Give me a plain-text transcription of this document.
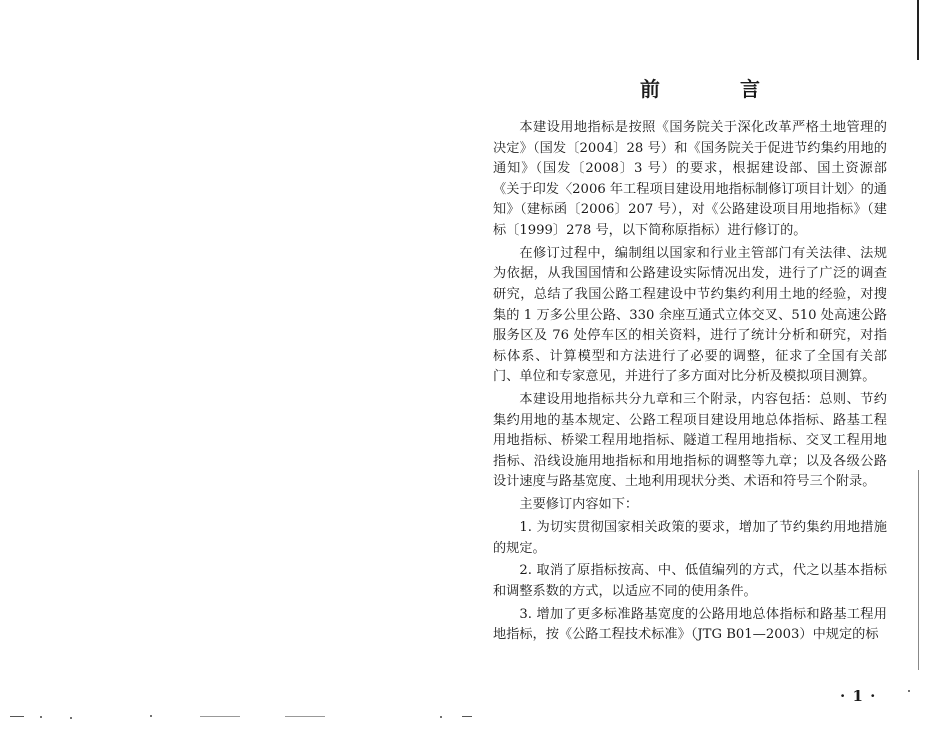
前	言

本建设用地指标是按照《国务院关于深化改革严格土地管理的决定》（国发〔2004〕28 号）和《国务院关于促进节约集约用地的通知》（国发〔2008〕3 号）的要求，根据建设部、国土资源部《关于印发〈2006 年工程项目建设用地指标制修订项目计划〉的通知》（建标函〔2006〕207 号），对《公路建设项目用地指标》（建标〔1999〕278 号，以下简称原指标）进行修订的。

在修订过程中，编制组以国家和行业主管部门有关法律、法规为依据，从我国国情和公路建设实际情况出发，进行了广泛的调查研究，总结了我国公路工程建设中节约集约利用土地的经验，对搜集的 1 万多公里公路、330 余座互通式立体交叉、510 处高速公路服务区及 76 处停车区的相关资料，进行了统计分析和研究，对指标体系、计算模型和方法进行了必要的调整，征求了全国有关部门、单位和专家意见，并进行了多方面对比分析及模拟项目测算。

本建设用地指标共分九章和三个附录，内容包括：总则、节约集约用地的基本规定、公路工程项目建设用地总体指标、路基工程用地指标、桥梁工程用地指标、隧道工程用地指标、交叉工程用地指标、沿线设施用地指标和用地指标的调整等九章；以及各级公路设计速度与路基宽度、土地利用现状分类、术语和符号三个附录。

主要修订内容如下：

1. 为切实贯彻国家相关政策的要求，增加了节约集约用地措施的规定。

2. 取消了原指标按高、中、低值编列的方式，代之以基本指标和调整系数的方式，以适应不同的使用条件。

3. 增加了更多标准路基宽度的公路用地总体指标和路基工程用地指标，按《公路工程技术标准》（JTG B01—2003）中规定的标

· 1 ·
